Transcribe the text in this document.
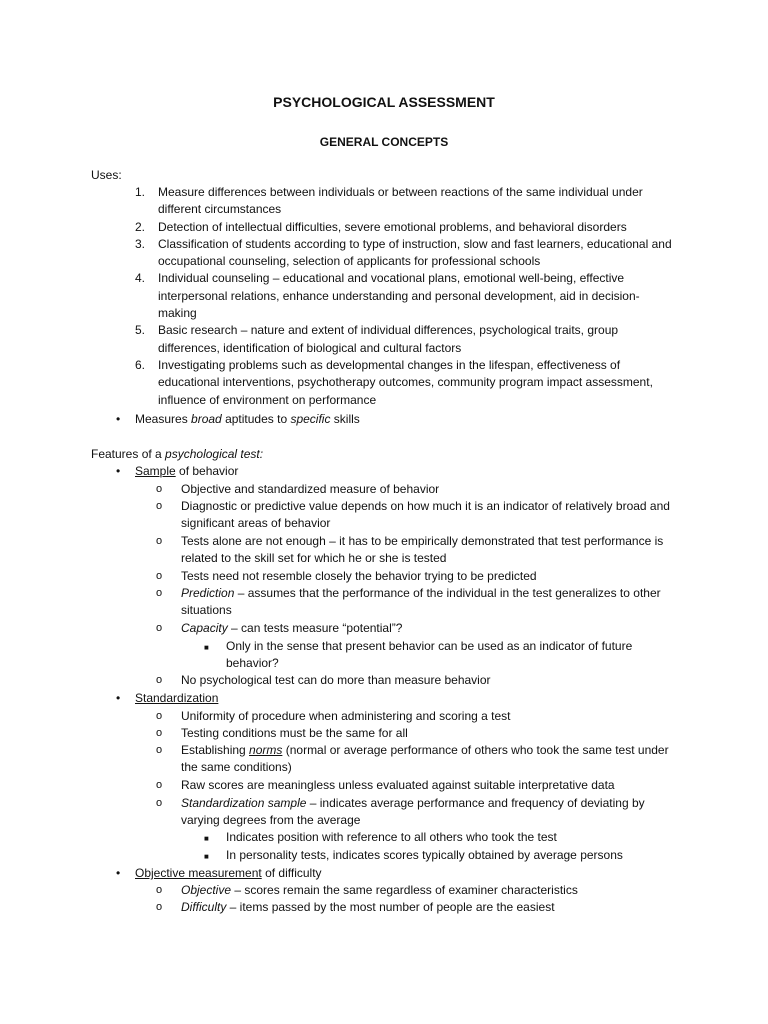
PSYCHOLOGICAL ASSESSMENT
GENERAL CONCEPTS
Uses:
1. Measure differences between individuals or between reactions of the same individual under different circumstances
2. Detection of intellectual difficulties, severe emotional problems, and behavioral disorders
3. Classification of students according to type of instruction, slow and fast learners, educational and occupational counseling, selection of applicants for professional schools
4. Individual counseling – educational and vocational plans, emotional well-being, effective interpersonal relations, enhance understanding and personal development, aid in decision-making
5. Basic research – nature and extent of individual differences, psychological traits, group differences, identification of biological and cultural factors
6. Investigating problems such as developmental changes in the lifespan, effectiveness of educational interventions, psychotherapy outcomes, community program impact assessment, influence of environment on performance
• Measures broad aptitudes to specific skills
Features of a psychological test:
• Sample of behavior
o Objective and standardized measure of behavior
o Diagnostic or predictive value depends on how much it is an indicator of relatively broad and significant areas of behavior
o Tests alone are not enough – it has to be empirically demonstrated that test performance is related to the skill set for which he or she is tested
o Tests need not resemble closely the behavior trying to be predicted
o Prediction – assumes that the performance of the individual in the test generalizes to other situations
o Capacity – can tests measure “potential”?
■ Only in the sense that present behavior can be used as an indicator of future behavior?
o No psychological test can do more than measure behavior
• Standardization
o Uniformity of procedure when administering and scoring a test
o Testing conditions must be the same for all
o Establishing norms (normal or average performance of others who took the same test under the same conditions)
o Raw scores are meaningless unless evaluated against suitable interpretative data
o Standardization sample – indicates average performance and frequency of deviating by varying degrees from the average
■ Indicates position with reference to all others who took the test
■ In personality tests, indicates scores typically obtained by average persons
• Objective measurement of difficulty
o Objective – scores remain the same regardless of examiner characteristics
o Difficulty – items passed by the most number of people are the easiest
